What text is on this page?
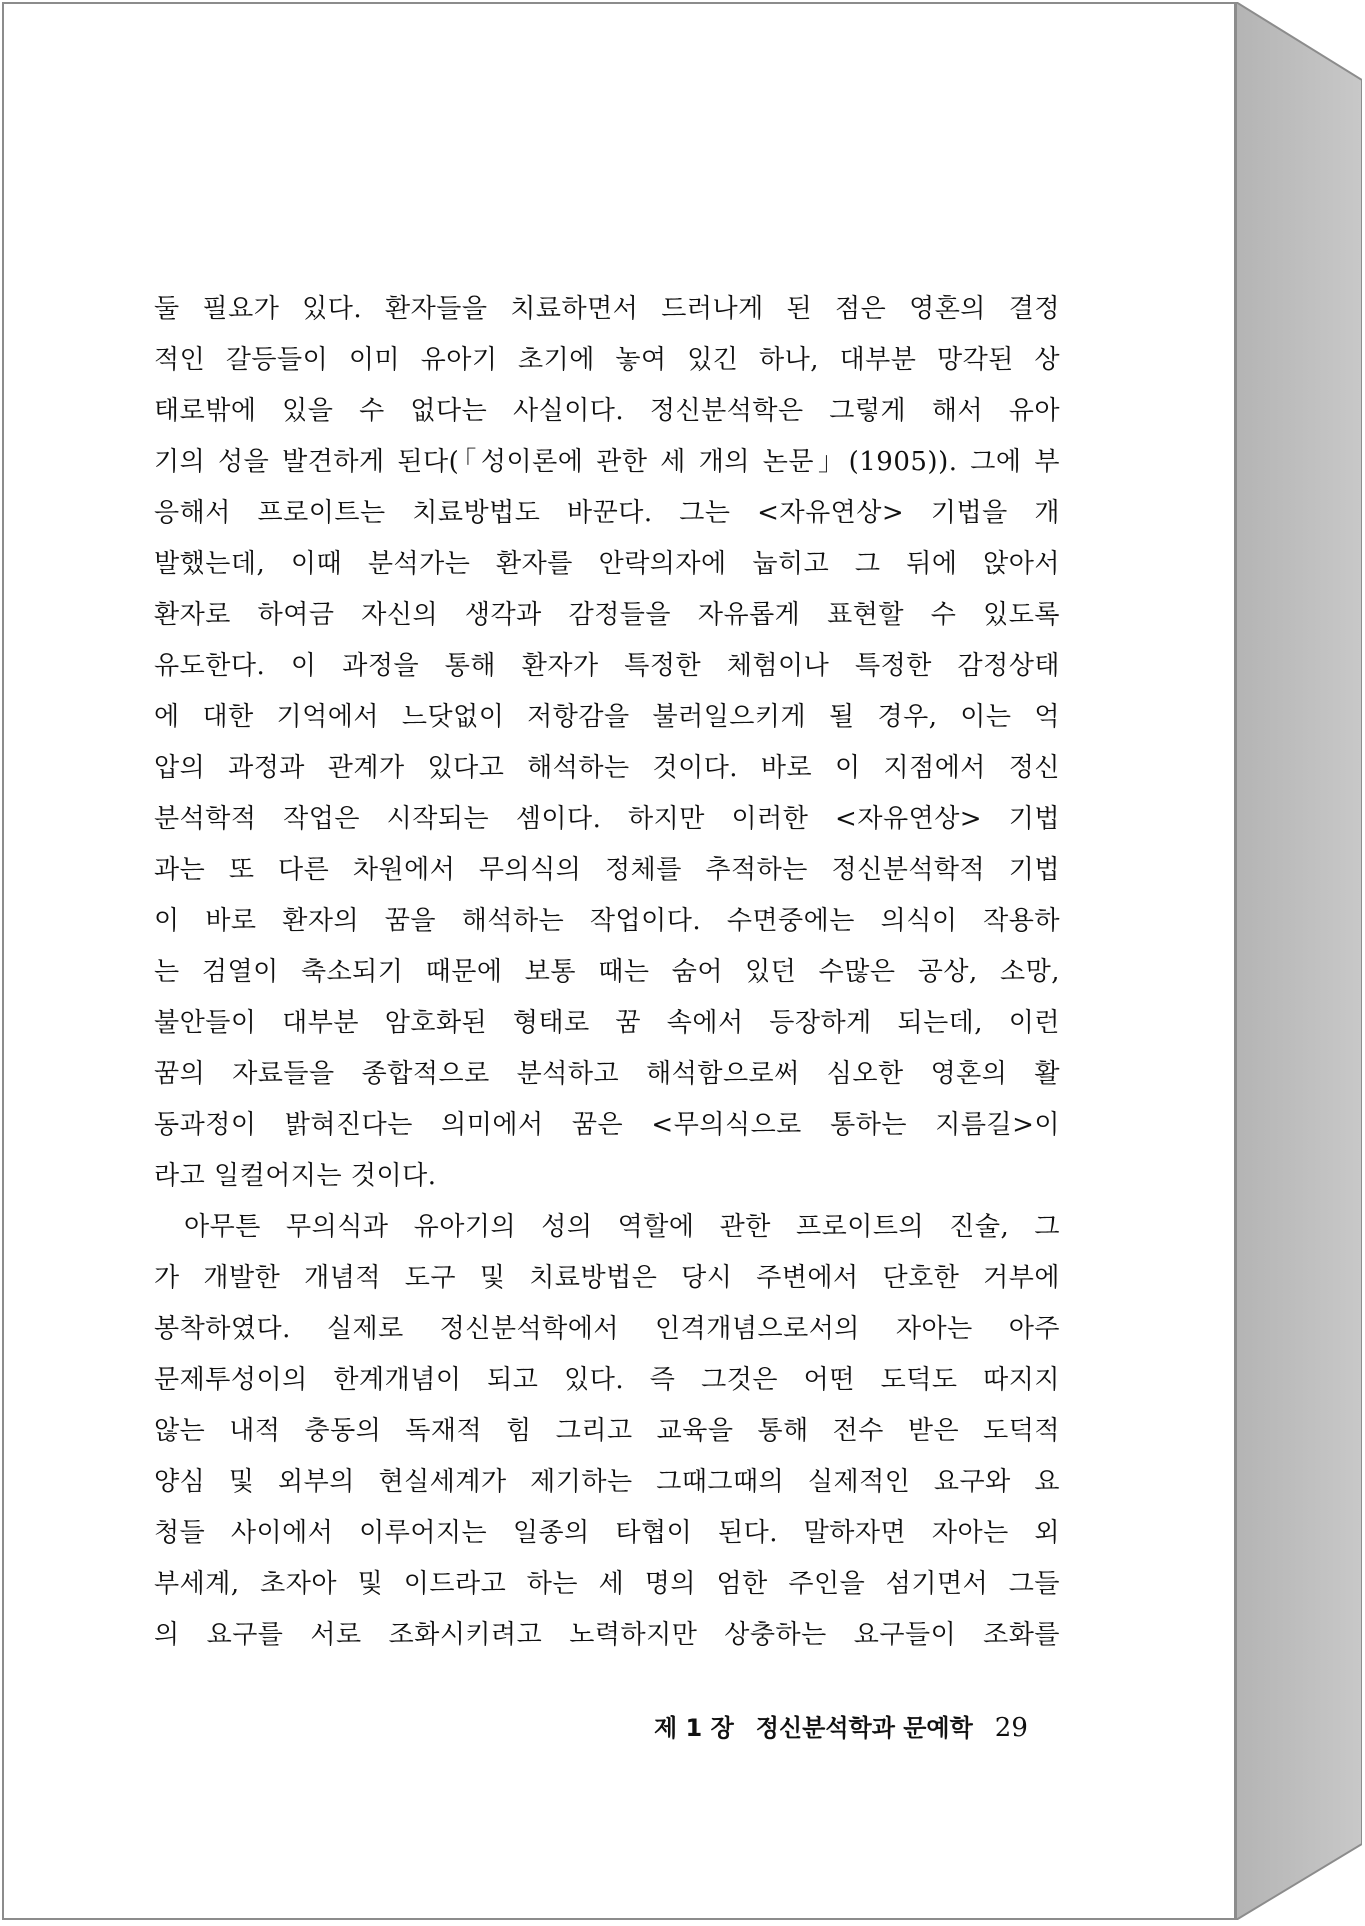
둘 필요가 있다. 환자들을 치료하면서 드러나게 된 점은 영혼의 결정
적인 갈등들이 이미 유아기 초기에 놓여 있긴 하나, 대부분 망각된 상
태로밖에 있을 수 없다는 사실이다. 정신분석학은 그렇게 해서 유아
기의 성을 발견하게 된다(「성이론에 관한 세 개의 논문」(1905)). 그에 부
응해서 프로이트는 치료방법도 바꾼다. 그는 <자유연상> 기법을 개
발했는데, 이때 분석가는 환자를 안락의자에 눕히고 그 뒤에 앉아서
환자로 하여금 자신의 생각과 감정들을 자유롭게 표현할 수 있도록
유도한다. 이 과정을 통해 환자가 특정한 체험이나 특정한 감정상태
에 대한 기억에서 느닷없이 저항감을 불러일으키게 될 경우, 이는 억
압의 과정과 관계가 있다고 해석하는 것이다. 바로 이 지점에서 정신
분석학적 작업은 시작되는 셈이다. 하지만 이러한 <자유연상> 기법
과는 또 다른 차원에서 무의식의 정체를 추적하는 정신분석학적 기법
이 바로 환자의 꿈을 해석하는 작업이다. 수면중에는 의식이 작용하
는 검열이 축소되기 때문에 보통 때는 숨어 있던 수많은 공상, 소망,
불안들이 대부분 암호화된 형태로 꿈 속에서 등장하게 되는데, 이런
꿈의 자료들을 종합적으로 분석하고 해석함으로써 심오한 영혼의 활
동과정이 밝혀진다는 의미에서 꿈은 <무의식으로 통하는 지름길>이
라고 일컬어지는 것이다.
아무튼 무의식과 유아기의 성의 역할에 관한 프로이트의 진술, 그
가 개발한 개념적 도구 및 치료방법은 당시 주변에서 단호한 거부에
봉착하였다. 실제로 정신분석학에서 인격개념으로서의 자아는 아주
문제투성이의 한계개념이 되고 있다. 즉 그것은 어떤 도덕도 따지지
않는 내적 충동의 독재적 힘 그리고 교육을 통해 전수 받은 도덕적
양심 및 외부의 현실세계가 제기하는 그때그때의 실제적인 요구와 요
청들 사이에서 이루어지는 일종의 타협이 된다. 말하자면 자아는 외
부세계, 초자아 및 이드라고 하는 세 명의 엄한 주인을 섬기면서 그들
의 요구를 서로 조화시키려고 노력하지만 상충하는 요구들이 조화를
제 1 장 정신분석학과 문예학 29
